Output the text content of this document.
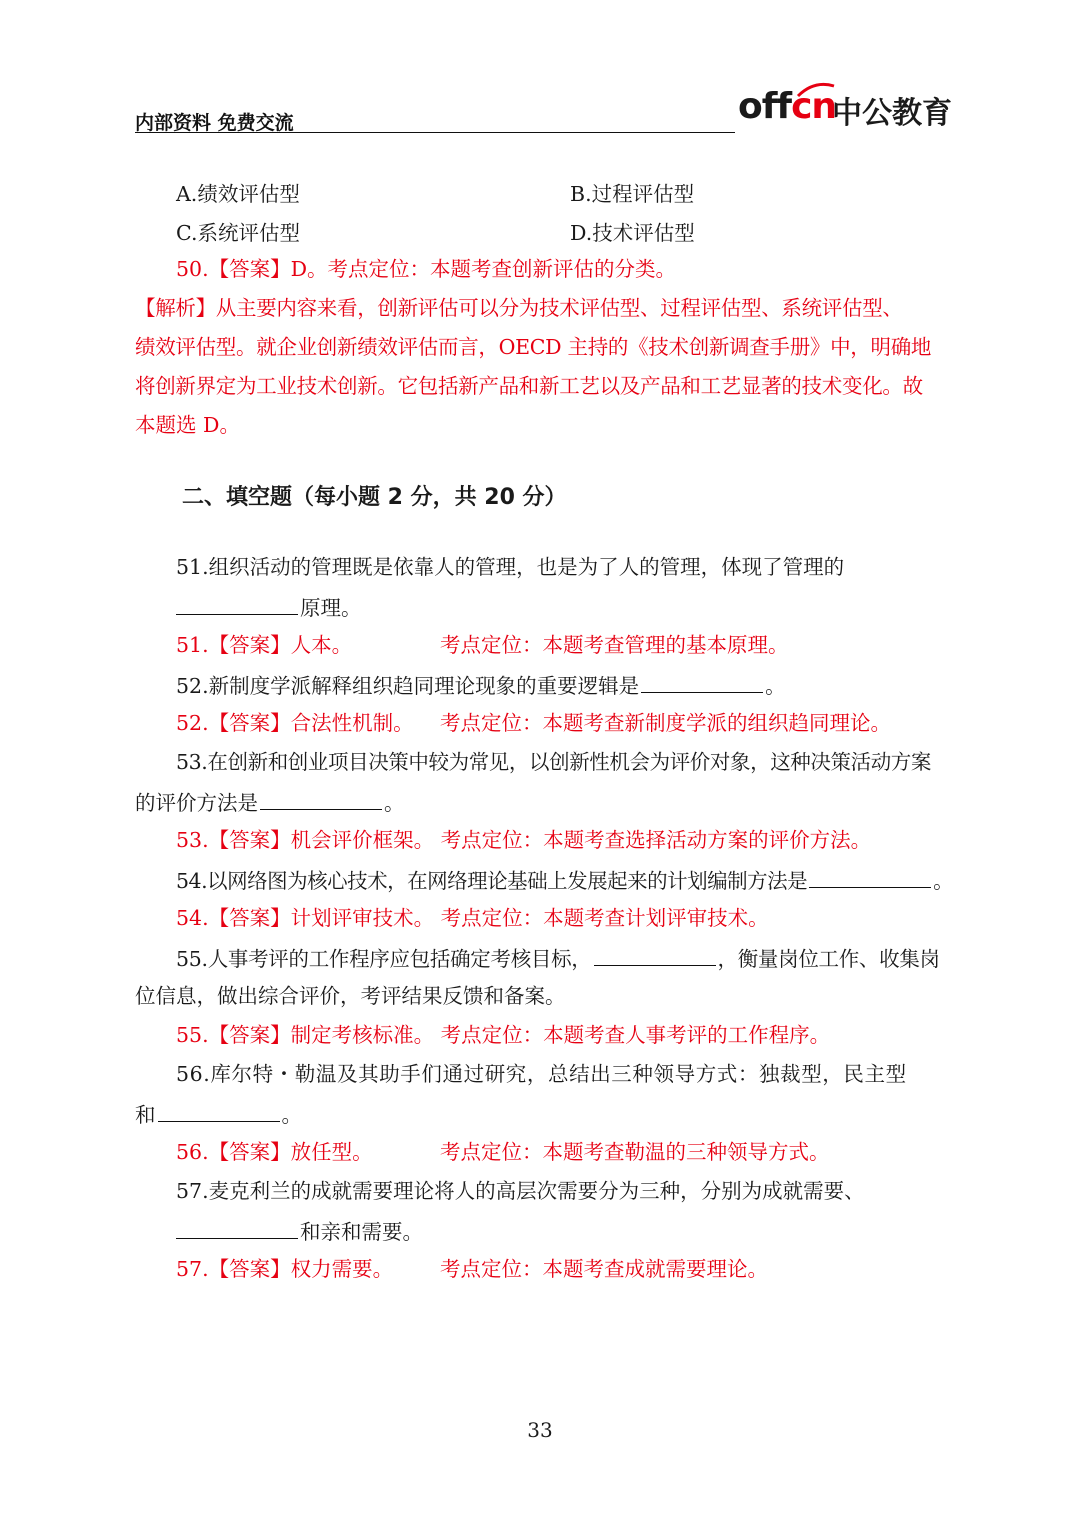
内部资料 免费交流	offcn
中公教育
A.绩效评估型	B.过程评估型
C.系统评估型	D.技术评估型
50.【答案】D。考点定位：本题考查创新评估的分类。
【解析】从主要内容来看，创新评估可以分为技术评估型、过程评估型、系统评估型、
绩效评估型。就企业创新绩效评估而言，OECD 主持的《技术创新调查手册》中，明确地
将创新界定为工业技术创新。它包括新产品和新工艺以及产品和工艺显著的技术变化。故
本题选 D。
二、填空题（每小题 2 分，共 20 分）
51.组织活动的管理既是依靠人的管理，也是为了人的管理，体现了管理的
原理。
51.【答案】人本。	考点定位：本题考查管理的基本原理。
52.新制度学派解释组织趋同理论现象的重要逻辑是	。
52.【答案】合法性机制。 考点定位：本题考查新制度学派的组织趋同理论。
53.在创新和创业项目决策中较为常见，以创新性机会为评价对象，这种决策活动方案
的评价方法是	。
53.【答案】机会评价框架。 考点定位：本题考查选择活动方案的评价方法。
54.以网络图为核心技术，在网络理论基础上发展起来的计划编制方法是	。
54.【答案】计划评审技术。 考点定位：本题考查计划评审技术。
55.人事考评的工作程序应包括确定考核目标，	，衡量岗位工作、收集岗
位信息，做出综合评价，考评结果反馈和备案。
55.【答案】制定考核标准。 考点定位：本题考查人事考评的工作程序。
56.库尔特・勒温及其助手们通过研究，总结出三种领导方式：独裁型，民主型
和	。
56.【答案】放任型。	考点定位：本题考查勒温的三种领导方式。
57.麦克利兰的成就需要理论将人的高层次需要分为三种，分别为成就需要、
和亲和需要。
57.【答案】权力需要。 考点定位：本题考查成就需要理论。
33
